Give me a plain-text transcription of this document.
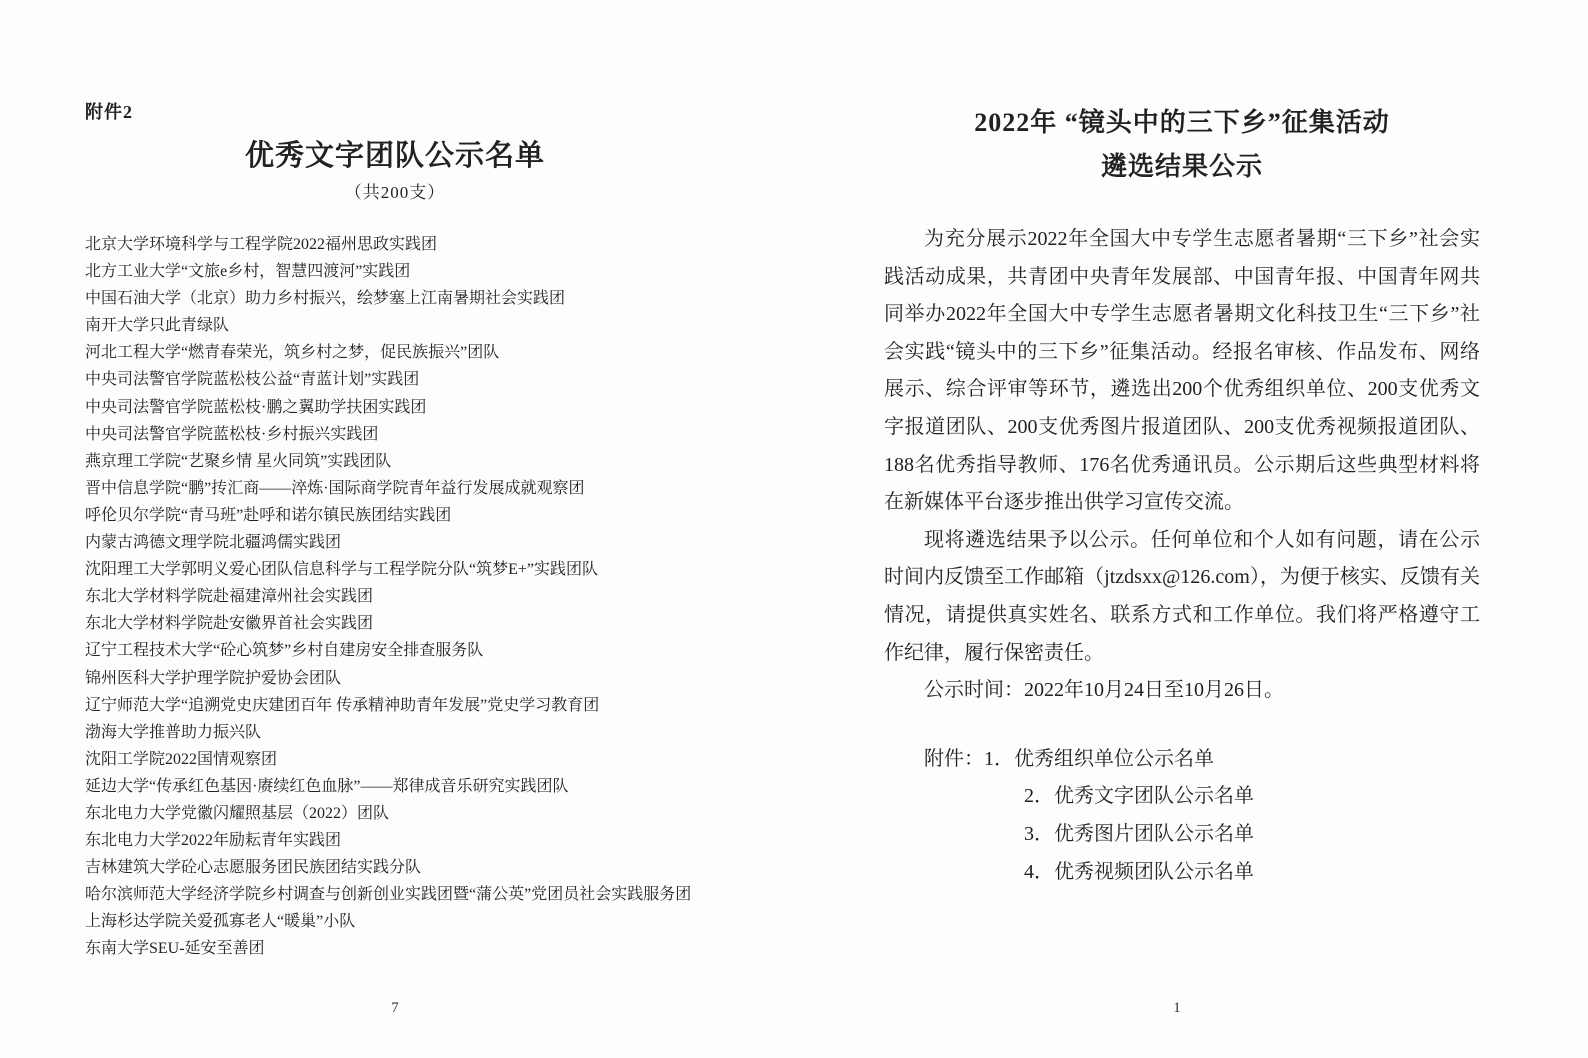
附件2
优秀文字团队公示名单
（共200支）
北京大学环境科学与工程学院2022福州思政实践团
北方工业大学“文旅e乡村，智慧四渡河”实践团
中国石油大学（北京）助力乡村振兴，绘梦塞上江南暑期社会实践团
南开大学只此青绿队
河北工程大学“燃青春荣光，筑乡村之梦，促民族振兴”团队
中央司法警官学院蓝松枝公益“青蓝计划”实践团
中央司法警官学院蓝松枝·鹏之翼助学扶困实践团
中央司法警官学院蓝松枝·乡村振兴实践团
燕京理工学院“艺聚乡情 星火同筑”实践团队
晋中信息学院“鹏”抟汇商——淬炼·国际商学院青年益行发展成就观察团
呼伦贝尔学院“青马班”赴呼和诺尔镇民族团结实践团
内蒙古鸿德文理学院北疆鸿儒实践团
沈阳理工大学郭明义爱心团队信息科学与工程学院分队“筑梦E+”实践团队
东北大学材料学院赴福建漳州社会实践团
东北大学材料学院赴安徽界首社会实践团
辽宁工程技术大学“砼心筑梦”乡村自建房安全排查服务队
锦州医科大学护理学院护爱协会团队
辽宁师范大学“追溯党史庆建团百年 传承精神助青年发展”党史学习教育团
渤海大学推普助力振兴队
沈阳工学院2022国情观察团
延边大学“传承红色基因·赓续红色血脉”——郑律成音乐研究实践团队
东北电力大学党徽闪耀照基层（2022）团队
东北电力大学2022年励耘青年实践团
吉林建筑大学砼心志愿服务团民族团结实践分队
哈尔滨师范大学经济学院乡村调查与创新创业实践团暨“蒲公英”党团员社会实践服务团
上海杉达学院关爱孤寡老人“暖巢”小队
东南大学SEU-延安至善团
7
2022年 “镜头中的三下乡”征集活动
遴选结果公示

为充分展示2022年全国大中专学生志愿者暑期“三下乡”社会实践活动成果，共青团中央青年发展部、中国青年报、中国青年网共同举办2022年全国大中专学生志愿者暑期文化科技卫生“三下乡”社会实践“镜头中的三下乡”征集活动。经报名审核、作品发布、网络展示、综合评审等环节，遴选出200个优秀组织单位、200支优秀文字报道团队、200支优秀图片报道团队、200支优秀视频报道团队、188名优秀指导教师、176名优秀通讯员。公示期后这些典型材料将在新媒体平台逐步推出供学习宣传交流。

现将遴选结果予以公示。任何单位和个人如有问题，请在公示时间内反馈至工作邮箱（jtzdsxx@126.com），为便于核实、反馈有关情况，请提供真实姓名、联系方式和工作单位。我们将严格遵守工作纪律，履行保密责任。

公示时间：2022年10月24日至10月26日。

附件：1．优秀组织单位公示名单

2．优秀文字团队公示名单

3．优秀图片团队公示名单

4．优秀视频团队公示名单

1
